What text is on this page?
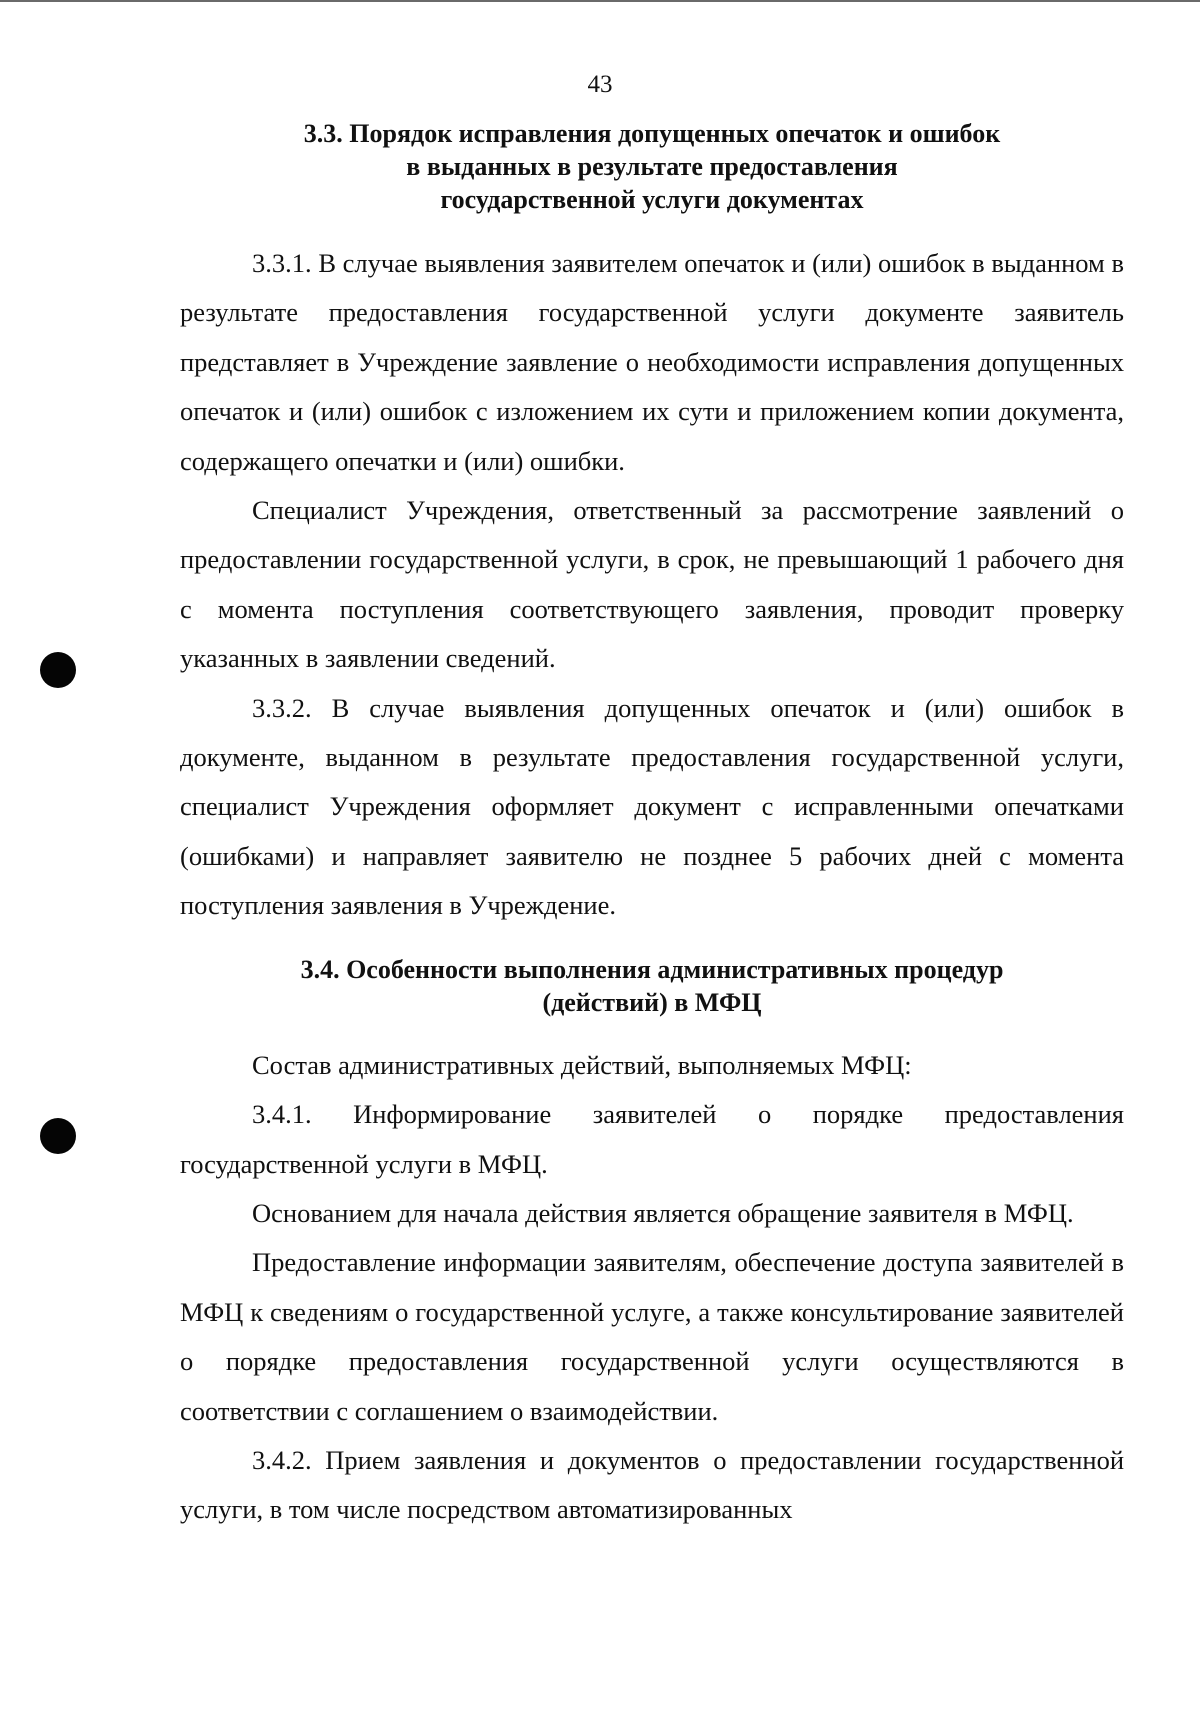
43
3.3. Порядок исправления допущенных опечаток и ошибок
в выданных в результате предоставления
государственной услуги документах

3.3.1. В случае выявления заявителем опечаток и (или) ошибок в выданном в результате предоставления государственной услуги документе заявитель представляет в Учреждение заявление о необходимости исправления допущенных опечаток и (или) ошибок с изложением их сути и приложением копии документа, содержащего опечатки и (или) ошибки.

Специалист Учреждения, ответственный за рассмотрение заявлений о предоставлении государственной услуги, в срок, не превышающий 1 рабочего дня с момента поступления соответствующего заявления, проводит проверку указанных в заявлении сведений.

3.3.2. В случае выявления допущенных опечаток и (или) ошибок в документе, выданном в результате предоставления государственной услуги, специалист Учреждения оформляет документ с исправленными опечатками (ошибками) и направляет заявителю не позднее 5 рабочих дней с момента поступления заявления в Учреждение.

3.4. Особенности выполнения административных процедур
(действий) в МФЦ

Состав административных действий, выполняемых МФЦ:

3.4.1. Информирование заявителей о порядке предоставления государственной услуги в МФЦ.

Основанием для начала действия является обращение заявителя в МФЦ.

Предоставление информации заявителям, обеспечение доступа заявителей в МФЦ к сведениям о государственной услуге, а также консультирование заявителей о порядке предоставления государственной услуги осуществляются в соответствии с соглашением о взаимодействии.

3.4.2. Прием заявления и документов о предоставлении государственной услуги, в том числе посредством автоматизированных
